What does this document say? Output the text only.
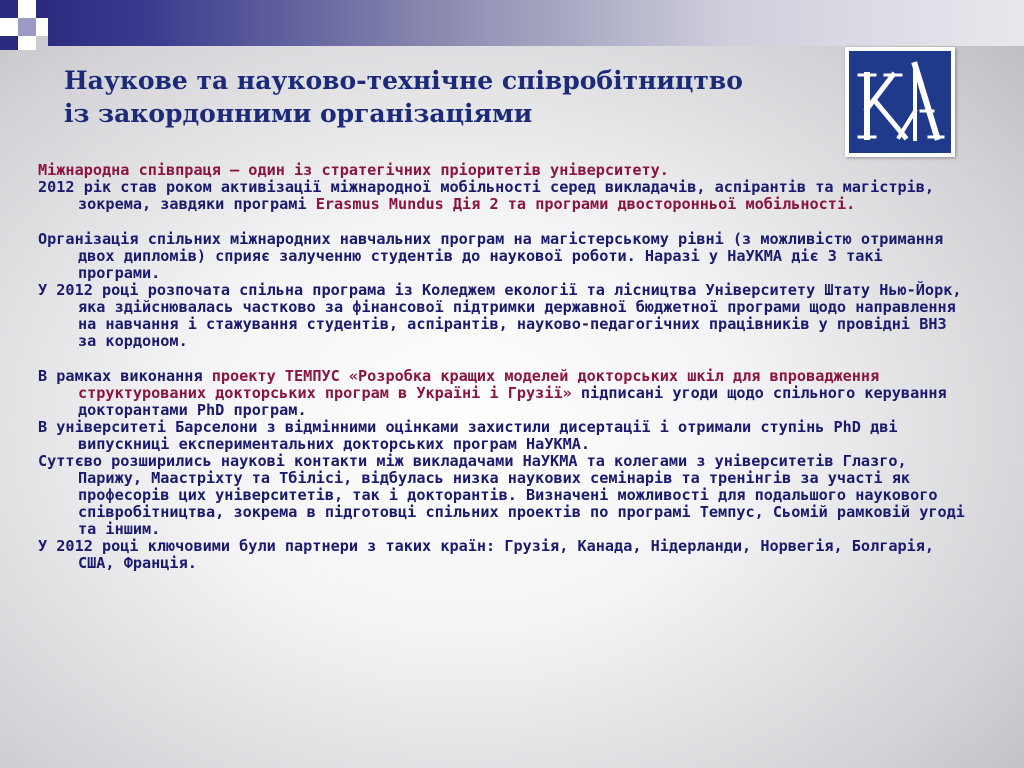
Наукове та науково-технічне співробітництво
із закордонними організаціями

Міжнародна співпраця – один із стратегічних пріоритетів університету.

2012 рік став роком активізації міжнародної мобільності серед викладачів, аспірантів та магістрів, зокрема, завдяки програмі Erasmus Mundus Дія 2 та програми двосторонньої мобільності.

Організація спільних міжнародних навчальних програм на магістерському рівні (з можливістю отримання двох дипломів) сприяє залученню студентів до наукової роботи. Наразі у НаУКМА діє 3 такі програми.

У 2012 році розпочата спільна програма із Коледжем екології та лісництва Університету Штату Нью-Йорк, яка здійснювалась частково за фінансової підтримки державної бюджетної програми щодо направлення на навчання і стажування студентів, аспірантів, науково-педагогічних працівників у провідні ВНЗ за кордоном.

В рамках виконання проекту ТЕМПУС «Розробка кращих моделей докторських шкіл для впровадження структурованих докторських програм в Україні і Грузії» підписані угоди щодо спільного керування докторантами PhD програм.

В університеті Барселони з відмінними оцінками захистили дисертації і отримали ступінь PhD дві випускниці експериментальних докторських програм НаУКМА.

Суттєво розширились наукові контакти між викладачами НаУКМА та колегами з університетів Глазго, Парижу, Маастріхту та Тбілісі, відбулась низка наукових семінарів та тренінгів за участі як професорів цих університетів, так і докторантів. Визначені можливості для подальшого наукового співробітництва, зокрема в підготовці спільних проектів по програмі Темпус, Сьомій рамковій угоді та іншим.

У 2012 році ключовими були партнери з таких країн: Грузія, Канада, Нідерланди, Норвегія, Болгарія, США, Франція.
